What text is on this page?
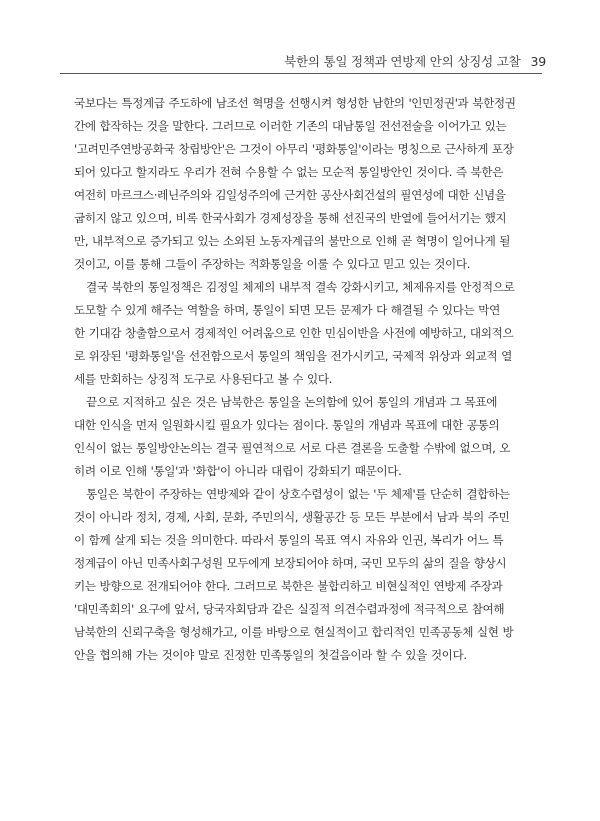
북한의 통일 정책과 연방제 안의 상징성 고찰 39
국보다는 특정계급 주도하에 남조선 혁명을 선행시켜 형성한 남한의 '인민정권'과 북한정권
간에 합작하는 것을 말한다. 그러므로 이러한 기존의 대남통일 전선전술을 이어가고 있는
'고려민주연방공화국 창립방안'은 그것이 아무리 '평화통일'이라는 명칭으로 근사하게 포장
되어 있다고 할지라도 우리가 전혀 수용할 수 없는 모순적 통일방안인 것이다. 즉 북한은
여전히 마르크스·레닌주의와 김일성주의에 근거한 공산사회건설의 필연성에 대한 신념을
굽히지 않고 있으며, 비록 한국사회가 경제성장을 통해 선진국의 반열에 들어서기는 했지
만, 내부적으로 증가되고 있는 소외된 노동자계급의 불만으로 인해 곧 혁명이 일어나게 될
것이고, 이를 통해 그들이 주장하는 적화통일을 이룰 수 있다고 믿고 있는 것이다.
결국 북한의 통일정책은 김정일 체제의 내부적 결속 강화시키고, 체제유지를 안정적으로
도모할 수 있게 해주는 역할을 하며, 통일이 되면 모든 문제가 다 해결될 수 있다는 막연
한 기대감 창출함으로서 경제적인 어려움으로 인한 민심이반을 사전에 예방하고, 대외적으
로 위장된 '평화통일'을 선전함으로서 통일의 책임을 전가시키고, 국제적 위상과 외교적 열
세를 만회하는 상징적 도구로 사용된다고 볼 수 있다.
끝으로 지적하고 싶은 것은 남북한은 통일을 논의함에 있어 통일의 개념과 그 목표에
대한 인식을 먼저 일원화시킬 필요가 있다는 점이다. 통일의 개념과 목표에 대한 공통의
인식이 없는 통일방안논의는 결국 필연적으로 서로 다른 결론을 도출할 수밖에 없으며, 오
히려 이로 인해 '통일'과 '화합'이 아니라 대립이 강화되기 때문이다.
통일은 북한이 주장하는 연방제와 같이 상호수렴성이 없는 '두 체제'를 단순히 결합하는
것이 아니라 정치, 경제, 사회, 문화, 주민의식, 생활공간 등 모든 부분에서 남과 북의 주민
이 함께 살게 되는 것을 의미한다. 따라서 통일의 목표 역시 자유와 인권, 복리가 어느 특
정계급이 아닌 민족사회구성원 모두에게 보장되어야 하며, 국민 모두의 삶의 질을 향상시
키는 방향으로 전개되어야 한다. 그러므로 북한은 불합리하고 비현실적인 연방제 주장과
'대민족회의' 요구에 앞서, 당국자회담과 같은 실질적 의견수렴과정에 적극적으로 참여해
남북한의 신뢰구축을 형성해가고, 이를 바탕으로 현실적이고 합리적인 민족공동체 실현 방
안을 협의해 가는 것이야 말로 진정한 민족통일의 첫걸음이라 할 수 있을 것이다.
